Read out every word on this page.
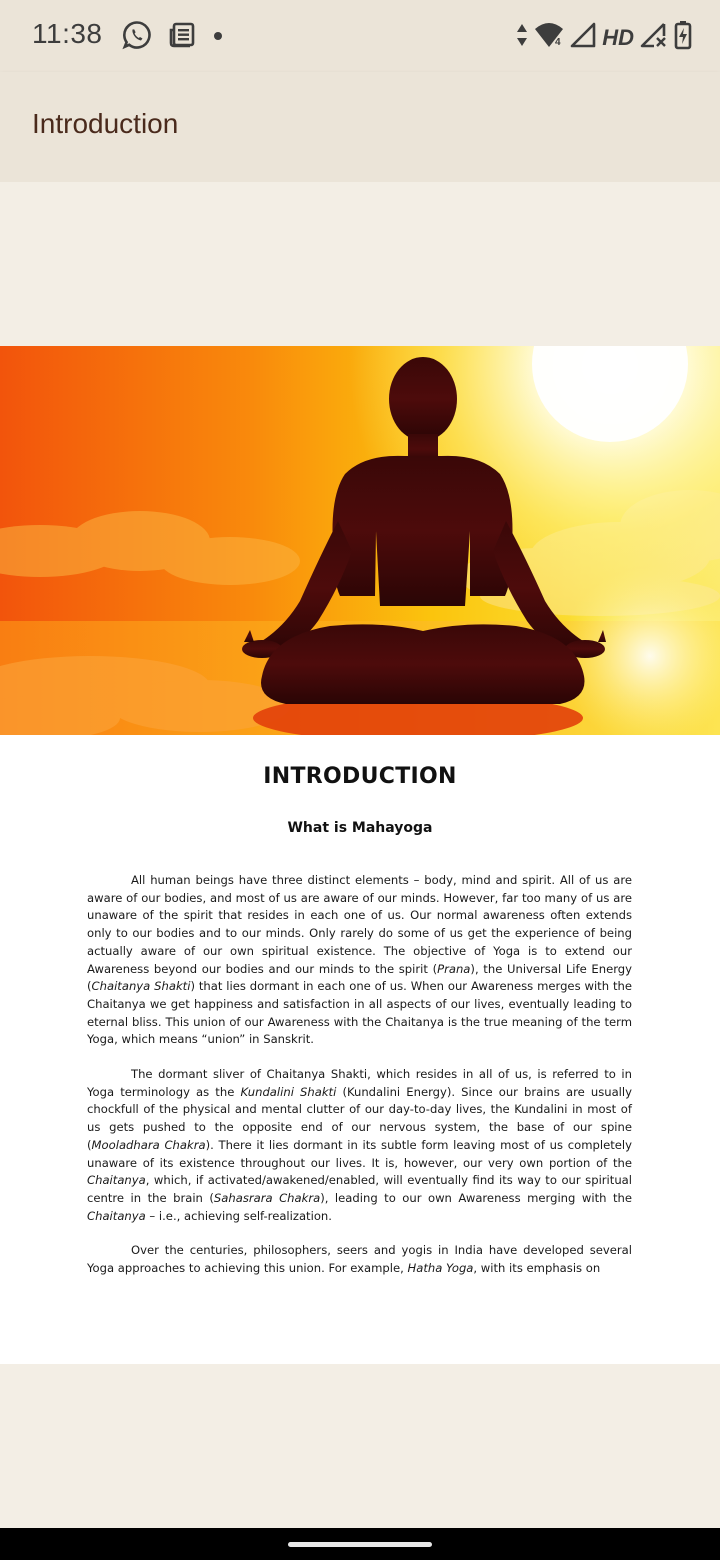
11:38	4 HD
Introduction
INTRODUCTION
What is Mahayoga

All human beings have three distinct elements – body, mind and spirit. All of us are aware of our bodies, and most of us are aware of our minds. However, far too many of us are unaware of the spirit that resides in each one of us. Our normal awareness often extends only to our bodies and to our minds. Only rarely do some of us get the experience of being actually aware of our own spiritual existence. The objective of Yoga is to extend our Awareness beyond our bodies and our minds to the spirit (Prana), the Universal Life Energy (Chaitanya Shakti) that lies dormant in each one of us. When our Awareness merges with the Chaitanya we get happiness and satisfaction in all aspects of our lives, eventually leading to eternal bliss. This union of our Awareness with the Chaitanya is the true meaning of the term Yoga, which means “union” in Sanskrit.

The dormant sliver of Chaitanya Shakti, which resides in all of us, is referred to in Yoga terminology as the Kundalini Shakti (Kundalini Energy). Since our brains are usually chockfull of the physical and mental clutter of our day-to-day lives, the Kundalini in most of us gets pushed to the opposite end of our nervous system, the base of our spine (Mooladhara Chakra). There it lies dormant in its subtle form leaving most of us completely unaware of its existence throughout our lives. It is, however, our very own portion of the Chaitanya, which, if activated/awakened/enabled, will eventually find its way to our spiritual centre in the brain (Sahasrara Chakra), leading to our own Awareness merging with the Chaitanya – i.e., achieving self-realization.

Over the centuries, philosophers, seers and yogis in India have developed several Yoga approaches to achieving this union. For example, Hatha Yoga, with its emphasis on
